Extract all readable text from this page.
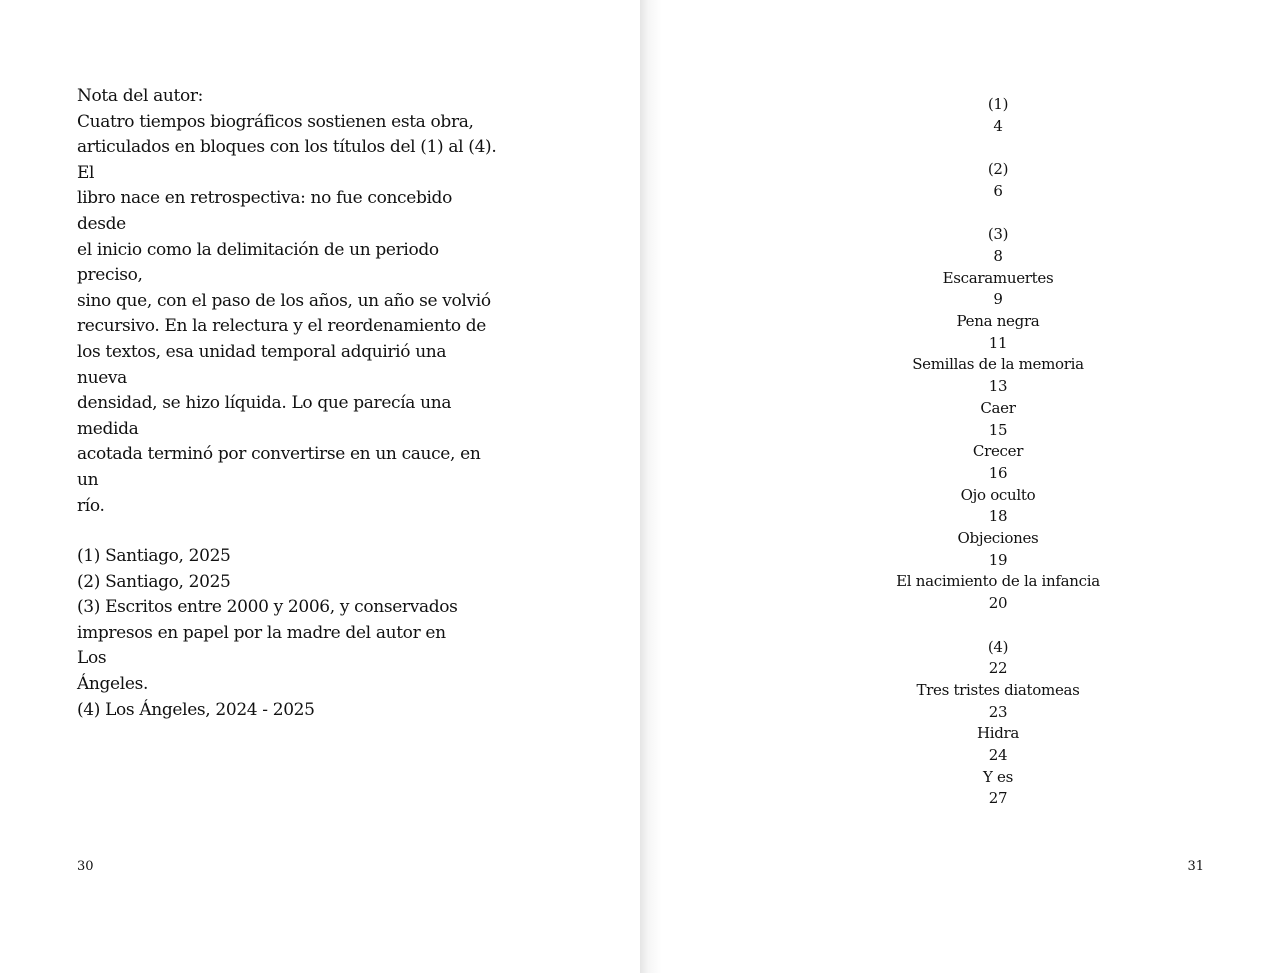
Nota del autor:

Cuatro tiempos biográficos sostienen esta obra,

articulados en bloques con los títulos del (1) al (4). El

libro nace en retrospectiva: no fue concebido desde

el inicio como la delimitación de un periodo preciso,

sino que, con el paso de los años, un año se volvió

recursivo. En la relectura y el reordenamiento de

los textos, esa unidad temporal adquirió una nueva

densidad, se hizo líquida. Lo que parecía una medida

acotada terminó por convertirse en un cauce, en un

río.

(1) Santiago, 2025
(2) Santiago, 2025
(3) Escritos entre 2000 y 2006, y conservados
impresos en papel por la madre del autor en Los
Ángeles.
(4) Los Ángeles, 2024 - 2025
30
(1)
4
(2)
6
(3)
8
Escaramuertes
9
Pena negra
11
Semillas de la memoria
13
Caer
15
Crecer
16
Ojo oculto
18
Objeciones
19
El nacimiento de la infancia
20
(4)
22
Tres tristes diatomeas
23
Hidra
24
Y es
27
31
